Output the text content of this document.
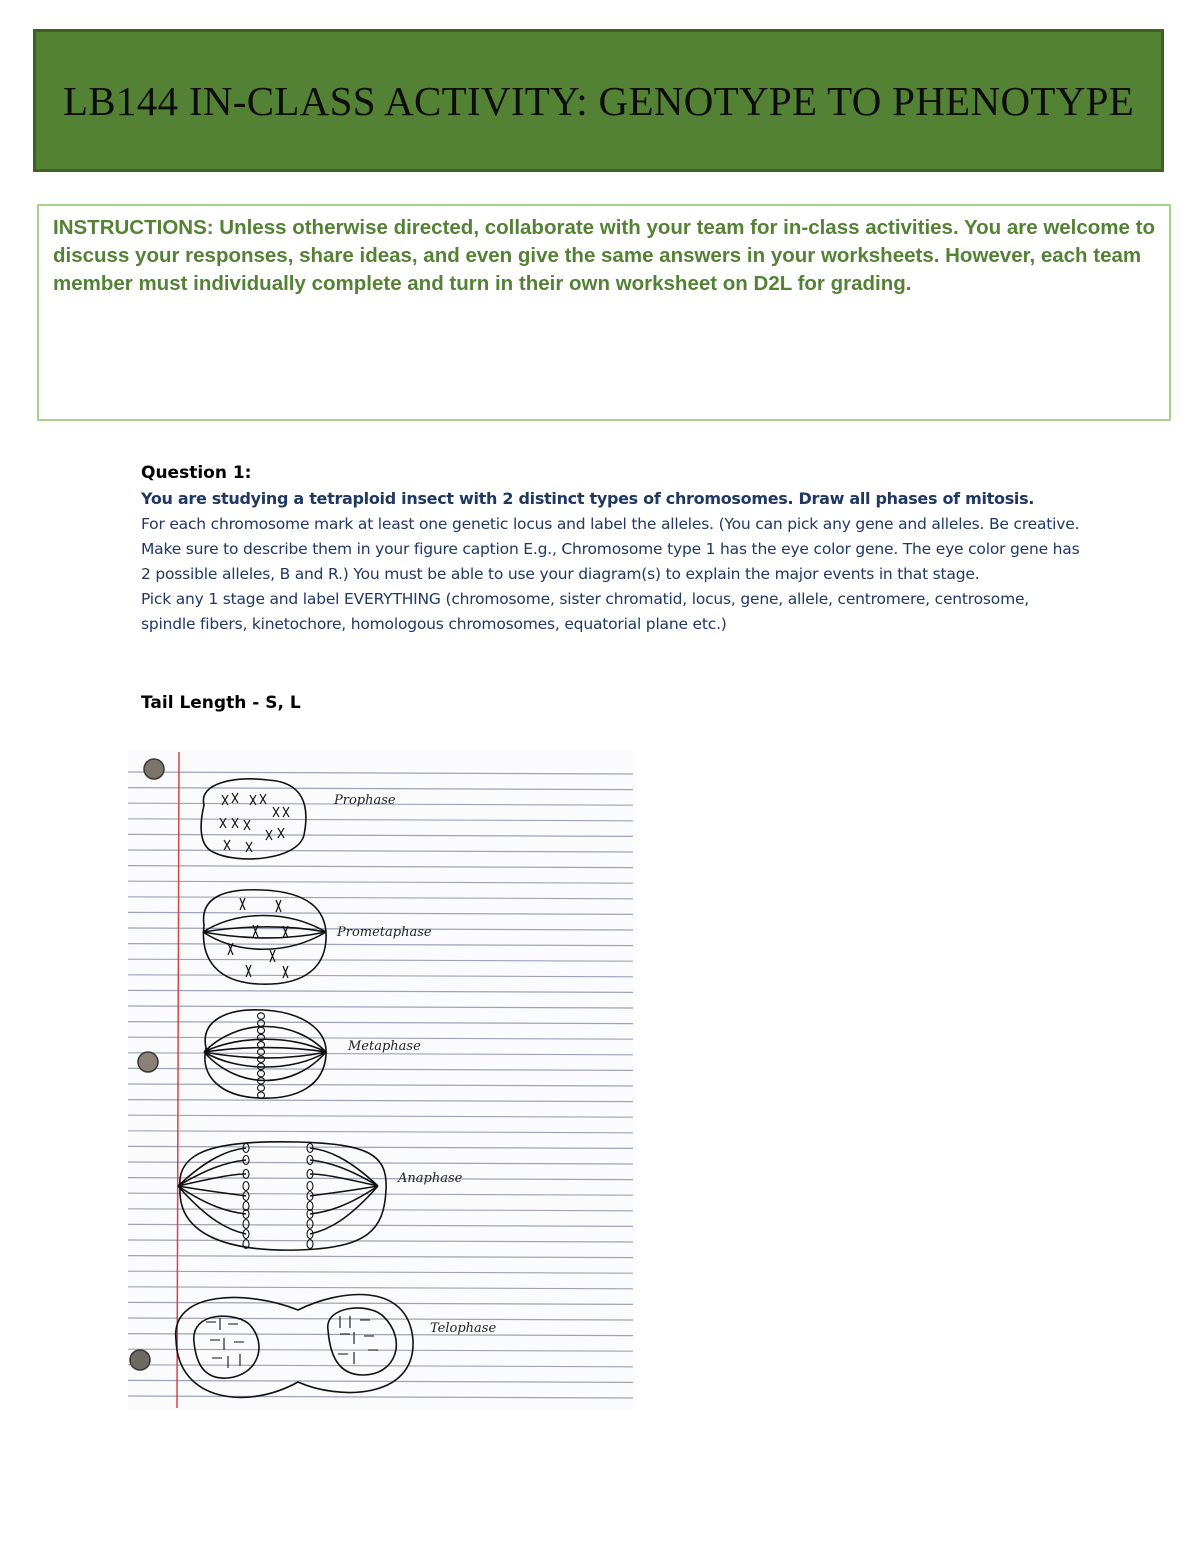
LB144 IN-CLASS ACTIVITY: GENOTYPE TO PHENOTYPE

INSTRUCTIONS: Unless otherwise directed, collaborate with your team for in-class activities. You are welcome to discuss your responses, share ideas, and even give the same answers in your worksheets. However, each team member must individually complete and turn in their own worksheet on D2L for grading.

Question 1:
You are studying a tetraploid insect with 2 distinct types of chromosomes. Draw all phases of mitosis.

For each chromosome mark at least one genetic locus and label the alleles. (You can pick any gene and alleles. Be creative. Make sure to describe them in your figure caption E.g., Chromosome type 1 has the eye color gene. The eye color gene has 2 possible alleles, B and R.) You must be able to use your diagram(s) to explain the major events in that stage.

Pick any 1 stage and label EVERYTHING (chromosome, sister chromatid, locus, gene, allele, centromere, centrosome, spindle fibers, kinetochore, homologous chromosomes, equatorial plane etc.)

Tail Length - S, L
Prophase
Prometaphase
Metaphase
Anaphase
Telophase
